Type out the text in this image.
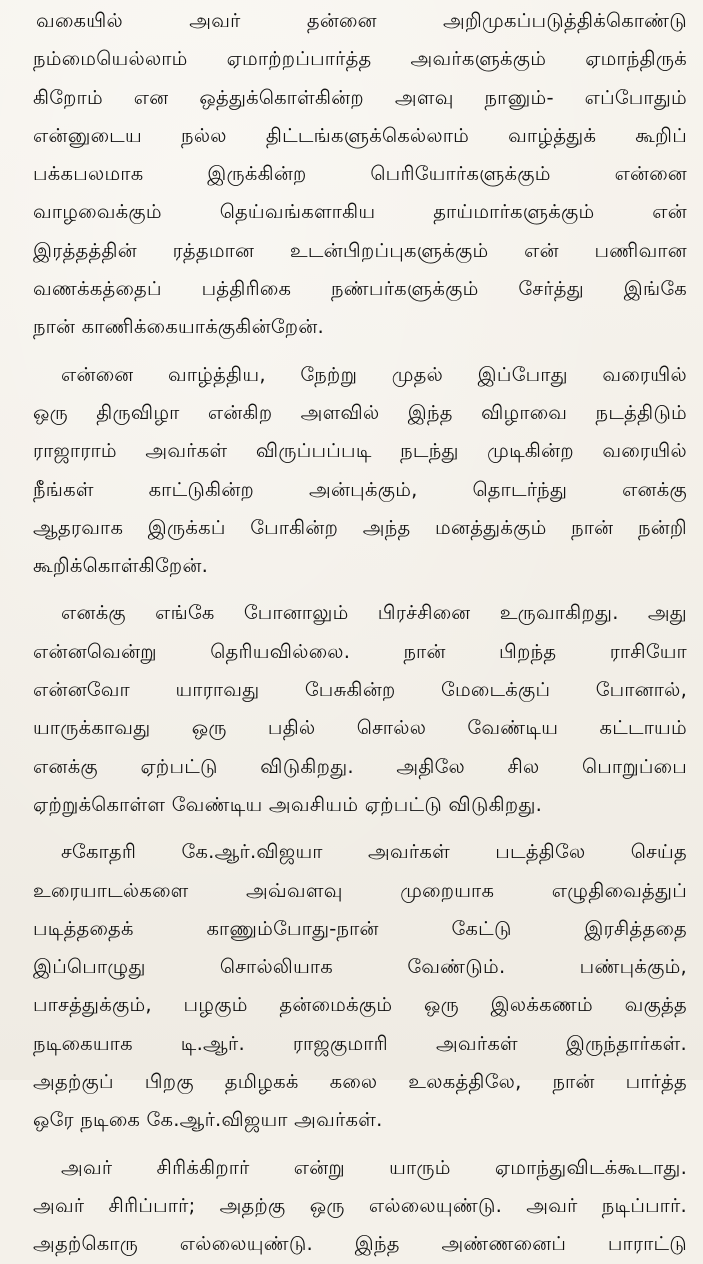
வகையில் அவர் தன்னை அறிமுகப்படுத்திக்கொண்டு
நம்மையெல்லாம் ஏமாற்றப்பார்த்த அவர்களுக்கும் ஏமாந்திருக்
கிறோம் என ஒத்துக்கொள்கின்ற அளவு நானும்- எப்போதும்
என்னுடைய நல்ல திட்டங்களுக்கெல்லாம் வாழ்த்துக் கூறிப்
பக்கபலமாக இருக்கின்ற பெரியோர்களுக்கும் என்னை
வாழவைக்கும் தெய்வங்களாகிய தாய்மார்களுக்கும் என்
இரத்தத்தின் ரத்தமான உடன்பிறப்புகளுக்கும் என் பணிவான
வணக்கத்தைப் பத்திரிகை நண்பர்களுக்கும் சேர்த்து இங்கே
நான் காணிக்கையாக்குகின்றேன்.
என்னை வாழ்த்திய, நேற்று முதல் இப்போது வரையில்
ஒரு திருவிழா என்கிற அளவில் இந்த விழாவை நடத்திடும்
ராஜாராம் அவர்கள் விருப்பப்படி நடந்து முடிகின்ற வரையில்
நீங்கள் காட்டுகின்ற அன்புக்கும், தொடர்ந்து எனக்கு
ஆதரவாக இருக்கப் போகின்ற அந்த மனத்துக்கும் நான் நன்றி
கூறிக்கொள்கிறேன்.
எனக்கு எங்கே போனாலும் பிரச்சினை உருவாகிறது. அது
என்னவென்று தெரியவில்லை. நான் பிறந்த ராசியோ
என்னவோ யாராவது பேசுகின்ற மேடைக்குப் போனால்,
யாருக்காவது ஒரு பதில் சொல்ல வேண்டிய கட்டாயம்
எனக்கு ஏற்பட்டு விடுகிறது. அதிலே சில பொறுப்பை
ஏற்றுக்கொள்ள வேண்டிய அவசியம் ஏற்பட்டு விடுகிறது.
சகோதரி கே.ஆர்.விஜயா அவர்கள் படத்திலே செய்த
உரையாடல்களை அவ்வளவு முறையாக எழுதிவைத்துப்
படித்ததைக் காணும்போது-நான் கேட்டு இரசித்ததை
இப்பொழுது சொல்லியாக வேண்டும். பண்புக்கும்,
பாசத்துக்கும், பழகும் தன்மைக்கும் ஒரு இலக்கணம் வகுத்த
நடிகையாக டி.ஆர். ராஜகுமாரி அவர்கள் இருந்தார்கள்.
அதற்குப் பிறகு தமிழகக் கலை உலகத்திலே, நான் பார்த்த
ஒரே நடிகை கே.ஆர்.விஜயா அவர்கள்.
அவர் சிரிக்கிறார் என்று யாரும் ஏமாந்துவிடக்கூடாது.
அவர் சிரிப்பார்; அதற்கு ஒரு எல்லையுண்டு. அவர் நடிப்பார்.
அதற்கொரு எல்லையுண்டு. இந்த அண்ணனைப் பாராட்டு
